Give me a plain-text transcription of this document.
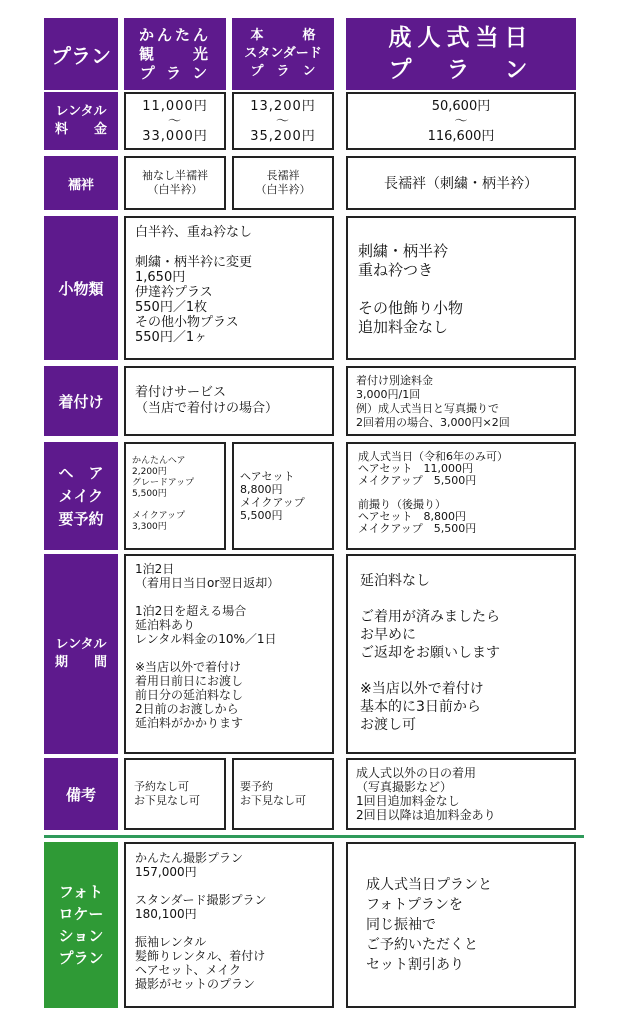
プラン
かんたん
観　　光
プ ラ ン
本　　　格
スタンダード
プ　ラ　ン
成人式当日
プ　ラ　ン
レンタル
料　　金
11,000円
〜
33,000円
13,200円
〜
35,200円
50,600円
〜
116,600円
襦袢
袖なし半襦袢
（白半衿）
長襦袢
（白半衿）	長襦袢（刺繍・柄半衿）
小物類
白半衿、重ね衿なし

刺繍・柄半衿に変更
1,650円
伊達衿プラス
550円／1枚
その他小物プラス
550円／1ヶ
刺繍・柄半衿
重ね衿つき

その他飾り小物
追加料金なし
着付け 着付けサービス
（当店で着付けの場合）
着付け別途料金
3,000円/1回
例）成人式当日と写真撮りで
2回着用の場合、3,000円×2回
ヘ　ア
メイク
要予約
かんたんヘア
2,200円
グレードアップ
5,500円

メイクアップ
3,300円
ヘアセット
8,800円
メイクアップ
5,500円
成人式当日（令和6年のみ可）
ヘアセット　11,000円
メイクアップ　5,500円

前撮り（後撮り）
ヘアセット　8,800円
メイクアップ　5,500円
レンタル
期　　間
1泊2日
（着用日当日or翌日返却）

1泊2日を超える場合
延泊料あり
レンタル料金の10%／1日

※当店以外で着付け
着用日前日にお渡し
前日分の延泊料なし
2日前のお渡しから
延泊料がかかります
延泊料なし

ご着用が済みましたら
お早めに
ご返却をお願いします

※当店以外で着付け
基本的に3日前から
お渡し可
備考	予約なし可
お下見なし可
要予約
お下見なし可
成人式以外の日の着用
（写真撮影など）
1回目追加料金なし
2回目以降は追加料金あり
フォト
ロケー
ション
プラン
かんたん撮影プラン
157,000円

スタンダード撮影プラン
180,100円

振袖レンタル
髪飾りレンタル、着付け
ヘアセット、メイク
撮影がセットのプラン
成人式当日プランと
フォトプランを
同じ振袖で
ご予約いただくと
セット割引あり
